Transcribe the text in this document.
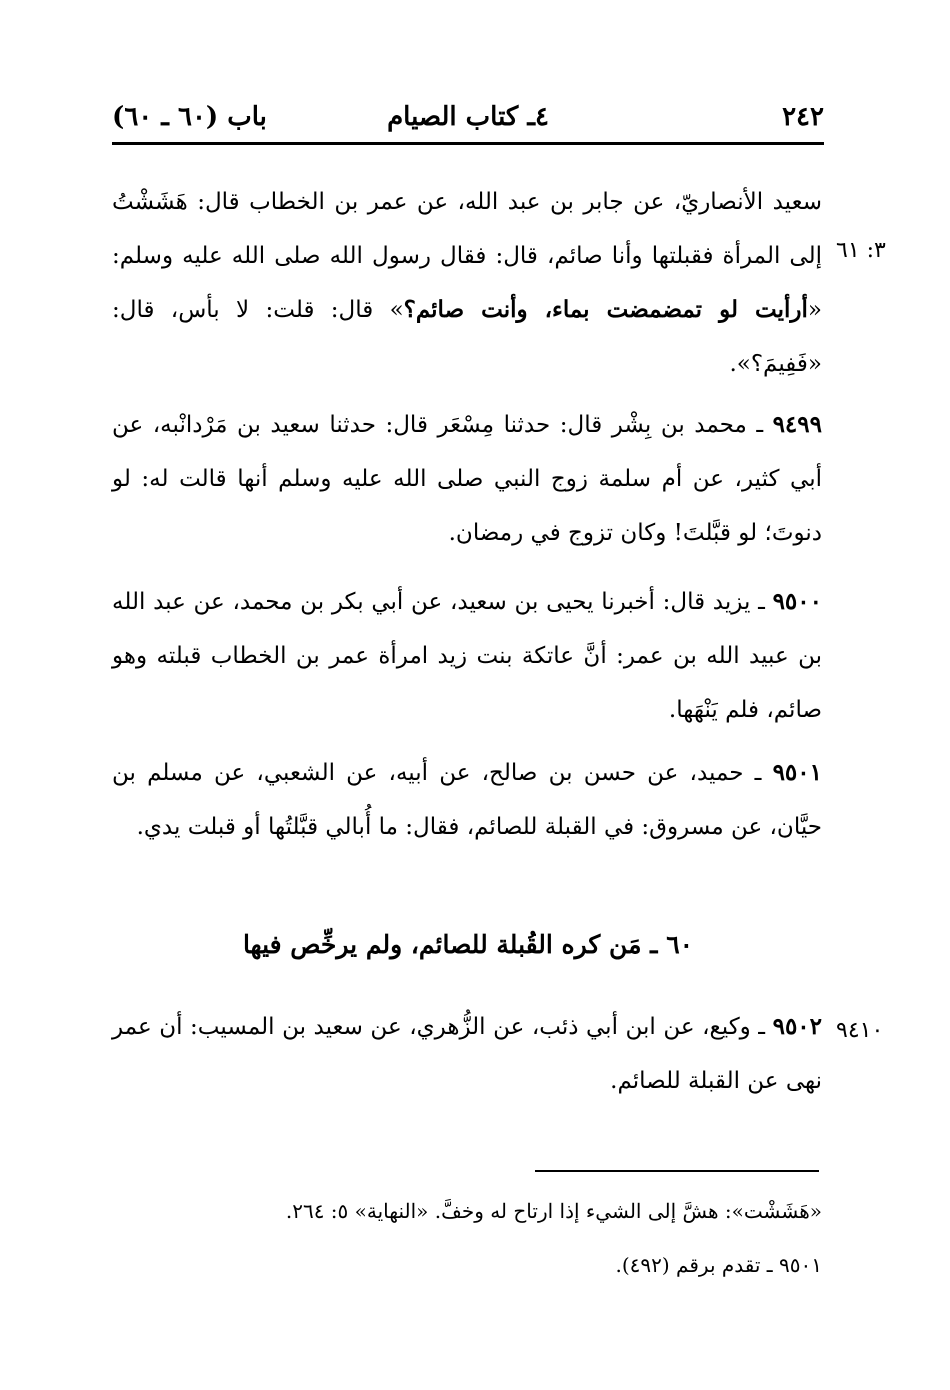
٢٤٢
٤ـ كتاب الصيام
باب (٦٠ ـ ٦٠)
٣: ٦١
سعيد الأنصاريّ، عن جابر بن عبد الله، عن عمر بن الخطاب قال: هَشَشْتُ إلى المرأة فقبلتها وأنا صائم، قال: فقال رسول الله صلى الله عليه وسلم: «أرأيت لو تمضمضت بماء، وأنت صائم؟» قال: قلت: لا بأس، قال: «فَفِيمَ؟».
٩٤٩٩ ـ محمد بن بِشْر قال: حدثنا مِسْعَر قال: حدثنا سعيد بن مَرْدانْبه، عن أبي كثير، عن أم سلمة زوج النبي صلى الله عليه وسلم أنها قالت له: لو دنوتَ؛ لو قبَّلتَ! وكان تزوج في رمضان.
٩٥٠٠ ـ يزيد قال: أخبرنا يحيى بن سعيد، عن أبي بكر بن محمد، عن عبد الله بن عبيد الله بن عمر: أنَّ عاتكة بنت زيد امرأة عمر بن الخطاب قبلته وهو صائم، فلم يَنْهَها.
٩٥٠١ ـ حميد، عن حسن بن صالح، عن أبيه، عن الشعبي، عن مسلم بن حيَّان، عن مسروق: في القبلة للصائم، فقال: ما أُبالي قبَّلتُها أو قبلت يدي.
٦٠ ـ مَن كره القُبلة للصائم، ولم يرخِّص فيها
٩٤١٠
٩٥٠٢ ـ وكيع، عن ابن أبي ذئب، عن الزُّهري، عن سعيد بن المسيب: أن عمر نهى عن القبلة للصائم.
«هَشَشْت»: هشَّ إلى الشيء إذا ارتاح له وخفَّ. «النهاية» ٥: ٢٦٤.
٩٥٠١ ـ تقدم برقم (٤٩٢).
